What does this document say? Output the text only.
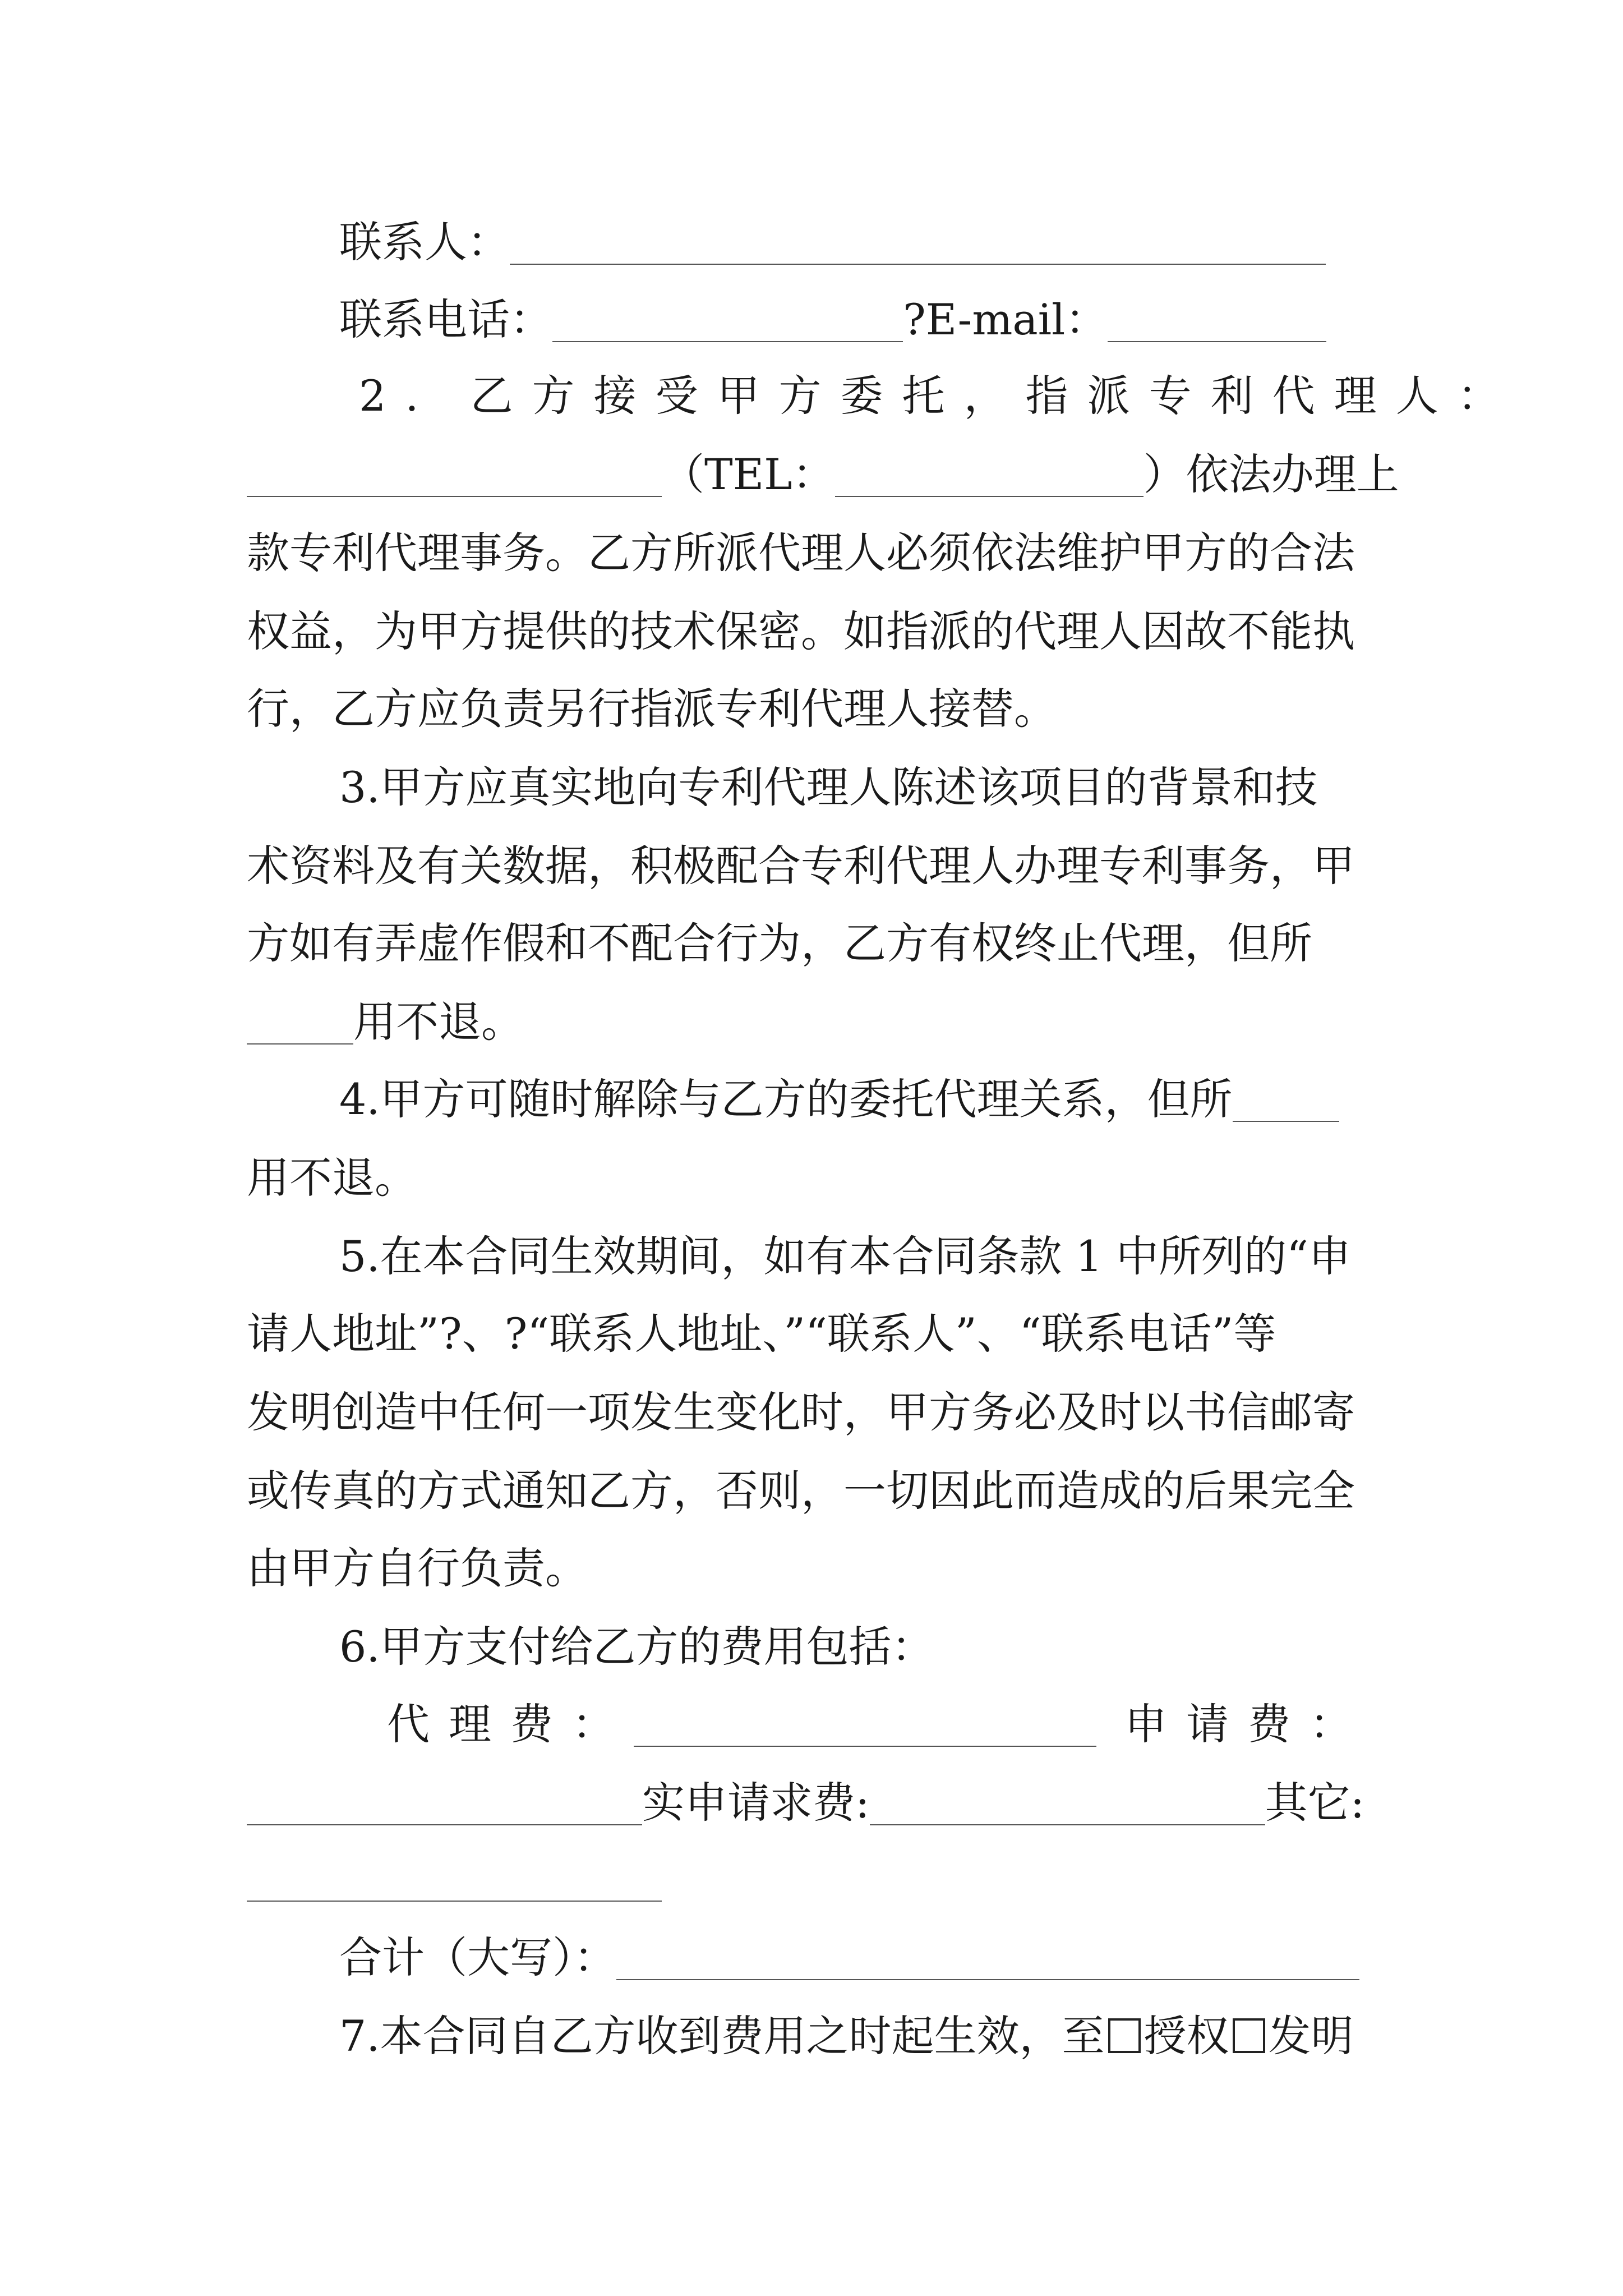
联系人：
联系电话：	?E-mail：
2. 乙方接受甲方委托，指派专利代理人：
（TEL：	）依法办理上
款专利代理事务。乙方所派代理人必须依法维护甲方的合法
权益，为甲方提供的技术保密。如指派的代理人因故不能执
行，乙方应负责另行指派专利代理人接替。
3.甲方应真实地向专利代理人陈述该项目的背景和技
术资料及有关数据，积极配合专利代理人办理专利事务，甲
方如有弄虚作假和不配合行为，乙方有权终止代理，但所
用不退。
4.甲方可随时解除与乙方的委托代理关系，但所
用不退。
5.在本合同生效期间，如有本合同条款 1 中所列的“申
请人地址”?、?“联系人地址、”“联系人”、“联系电话”等
发明创造中任何一项发生变化时，甲方务必及时以书信邮寄
或传真的方式通知乙方，否则，一切因此而造成的后果完全
由甲方自行负责。
6.甲方支付给乙方的费用包括：
代理费：	申请费：
实申请求费:	其它:
合计（大写）：
7.本合同自乙方收到费用之时起生效，至 授权 发明
